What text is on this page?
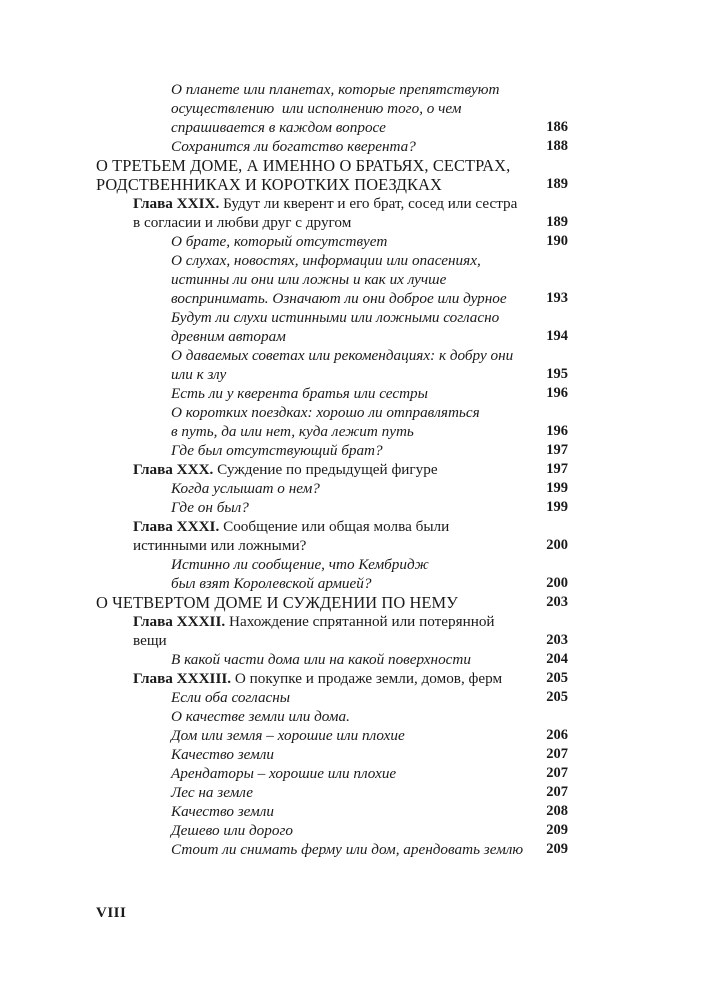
О планете или планетах, которые препятствуют
осуществлению  или исполнению того, о чем
спрашивается в каждом вопросе	186
Сохранится ли богатство кверента?	188
О ТРЕТЬЕМ ДОМЕ, А ИМЕННО О БРАТЬЯХ, СЕСТРАХ,
РОДСТВЕННИКАХ И КОРОТКИХ ПОЕЗДКАХ	189
Глава XXIX. Будут ли кверент и его брат, сосед или сестра
в согласии и любви друг с другом	189
О брате, который отсутствует	190
О слухах, новостях, информации или опасениях,
истинны ли они или ложны и как их лучше
воспринимать. Означают ли они доброе или дурное	193
Будут ли слухи истинными или ложными согласно
древним авторам	194
О даваемых советах или рекомендациях: к добру они
или к злу	195
Есть ли у кверента братья или сестры	196
О коротких поездках: хорошо ли отправляться
в путь, да или нет, куда лежит путь	196
Где был отсутствующий брат?	197
Глава XXX. Суждение по предыдущей фигуре	197
Когда услышат о нем?	199
Где он был?	199
Глава XXXI. Сообщение или общая молва были
истинными или ложными?	200
Истинно ли сообщение, что Кембридж
был взят Королевской армией?	200
О ЧЕТВЕРТОМ ДОМЕ И СУЖДЕНИИ ПО НЕМУ	203
Глава XXXII. Нахождение спрятанной или потерянной
вещи	203
В какой части дома или на какой поверхности	204
Глава XXXIII. О покупке и продаже земли, домов, ферм	205
Если оба согласны	205
О качестве земли или дома.
Дом или земля – хорошие или плохие	206
Качество земли	207
Арендаторы – хорошие или плохие	207
Лес на земле	207
Качество земли	208
Дешево или дорого	209
Стоит ли снимать ферму или дом, арендовать землю	209
VIII
